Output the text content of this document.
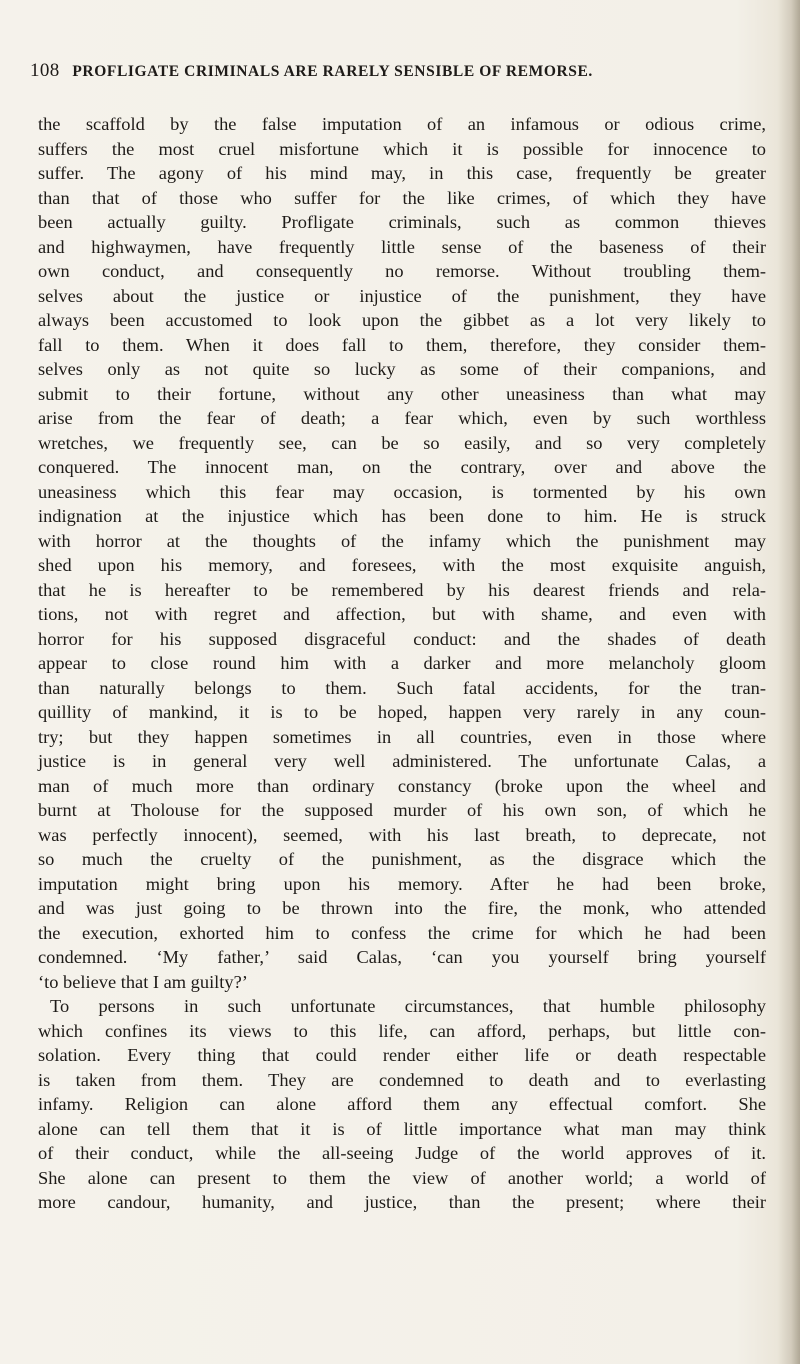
108 PROFLIGATE CRIMINALS ARE RARELY SENSIBLE OF REMORSE.
the scaffold by the false imputation of an infamous or odious crime,
suffers the most cruel misfortune which it is possible for innocence to
suffer. The agony of his mind may, in this case, frequently be greater
than that of those who suffer for the like crimes, of which they have
been actually guilty. Profligate criminals, such as common thieves
and highwaymen, have frequently little sense of the baseness of their
own conduct, and consequently no remorse. Without troubling them-
selves about the justice or injustice of the punishment, they have
always been accustomed to look upon the gibbet as a lot very likely to
fall to them. When it does fall to them, therefore, they consider them-
selves only as not quite so lucky as some of their companions, and
submit to their fortune, without any other uneasiness than what may
arise from the fear of death; a fear which, even by such worthless
wretches, we frequently see, can be so easily, and so very completely
conquered. The innocent man, on the contrary, over and above the
uneasiness which this fear may occasion, is tormented by his own
indignation at the injustice which has been done to him. He is struck
with horror at the thoughts of the infamy which the punishment may
shed upon his memory, and foresees, with the most exquisite anguish,
that he is hereafter to be remembered by his dearest friends and rela-
tions, not with regret and affection, but with shame, and even with
horror for his supposed disgraceful conduct: and the shades of death
appear to close round him with a darker and more melancholy gloom
than naturally belongs to them. Such fatal accidents, for the tran-
quillity of mankind, it is to be hoped, happen very rarely in any coun-
try; but they happen sometimes in all countries, even in those where
justice is in general very well administered. The unfortunate Calas, a
man of much more than ordinary constancy (broke upon the wheel and
burnt at Tholouse for the supposed murder of his own son, of which he
was perfectly innocent), seemed, with his last breath, to deprecate, not
so much the cruelty of the punishment, as the disgrace which the
imputation might bring upon his memory. After he had been broke,
and was just going to be thrown into the fire, the monk, who attended
the execution, exhorted him to confess the crime for which he had been
condemned. ‘My father,’ said Calas, ‘can you yourself bring yourself
‘to believe that I am guilty?’
To persons in such unfortunate circumstances, that humble philosophy
which confines its views to this life, can afford, perhaps, but little con-
solation. Every thing that could render either life or death respectable
is taken from them. They are condemned to death and to everlasting
infamy. Religion can alone afford them any effectual comfort. She
alone can tell them that it is of little importance what man may think
of their conduct, while the all-seeing Judge of the world approves of it.
She alone can present to them the view of another world; a world of
more candour, humanity, and justice, than the present; where their
